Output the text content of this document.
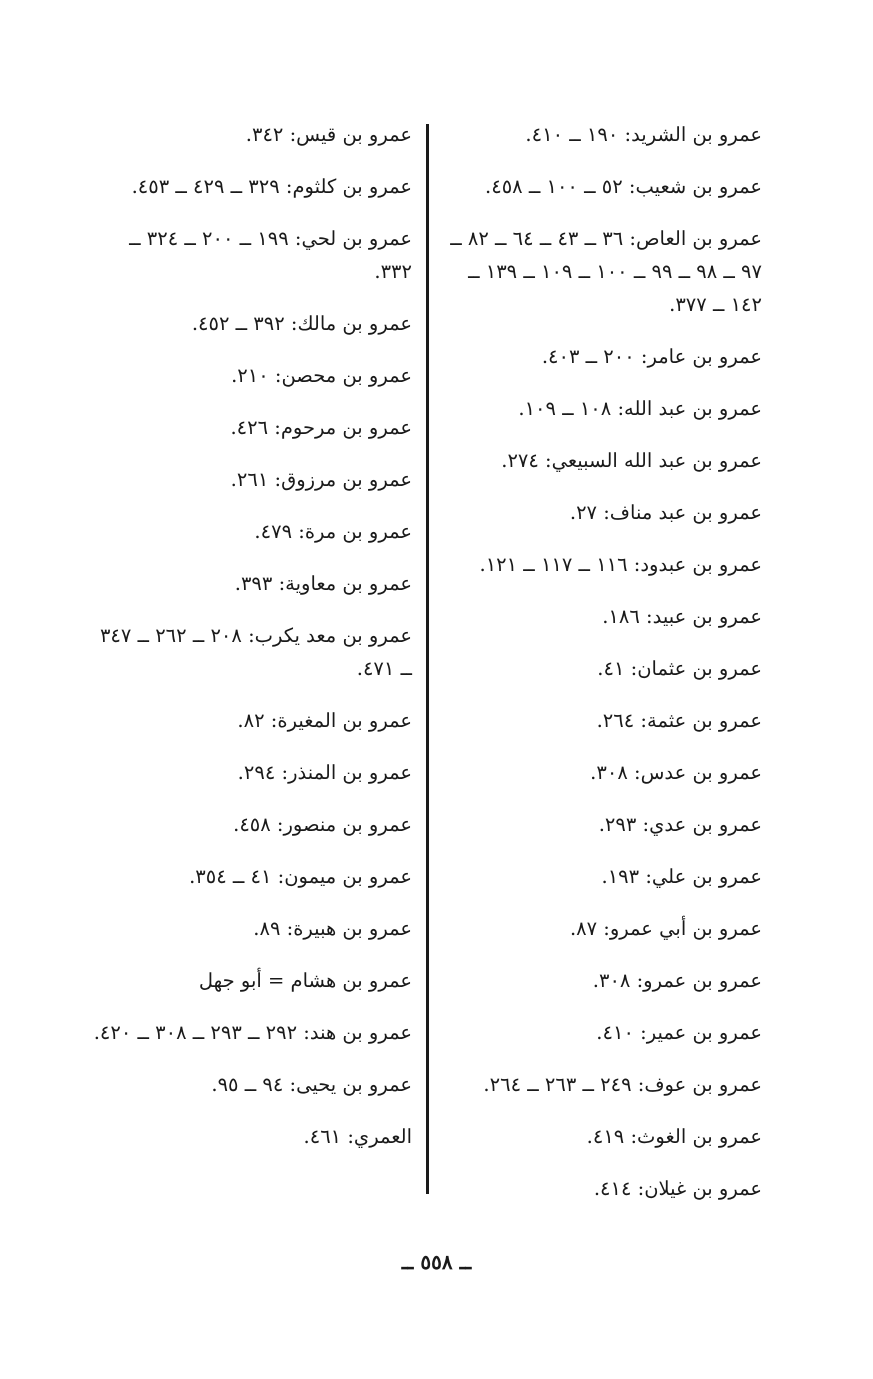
عمرو بن الشريد: ١٩٠ ــ ٤١٠.

عمرو بن شعيب: ٥٢ ــ ١٠٠ ــ ٤٥٨.

عمرو بن العاص: ٣٦ ــ ٤٣ ــ ٦٤ ــ ٨٢ ــ ٩٧ ــ ٩٨ ــ ٩٩ ــ ١٠٠ ــ ١٠٩ ــ ١٣٩ ــ ١٤٢ ــ ٣٧٧.

عمرو بن عامر: ٢٠٠ ــ ٤٠٣.

عمرو بن عبد الله: ١٠٨ ــ ١٠٩.

عمرو بن عبد الله السبيعي: ٢٧٤.

عمرو بن عبد مناف: ٢٧.

عمرو بن عبدود: ١١٦ ــ ١١٧ ــ ١٢١.

عمرو بن عبيد: ١٨٦.

عمرو بن عثمان: ٤١.

عمرو بن عثمة: ٢٦٤.

عمرو بن عدس: ٣٠٨.

عمرو بن عدي: ٢٩٣.

عمرو بن علي: ١٩٣.

عمرو بن أبي عمرو: ٨٧.

عمرو بن عمرو: ٣٠٨.

عمرو بن عمير: ٤١٠.

عمرو بن عوف: ٢٤٩ ــ ٢٦٣ ــ ٢٦٤.

عمرو بن الغوث: ٤١٩.

عمرو بن غيلان: ٤١٤.

عمرو بن قيس: ٣٤٢.

عمرو بن كلثوم: ٣٢٩ ــ ٤٢٩ ــ ٤٥٣.

عمرو بن لحي: ١٩٩ ــ ٢٠٠ ــ ٣٢٤ ــ ٣٣٢.

عمرو بن مالك: ٣٩٢ ــ ٤٥٢.

عمرو بن محصن: ٢١٠.

عمرو بن مرحوم: ٤٢٦.

عمرو بن مرزوق: ٢٦١.

عمرو بن مرة: ٤٧٩.

عمرو بن معاوية: ٣٩٣.

عمرو بن معد يكرب: ٢٠٨ ــ ٢٦٢ ــ ٣٤٧ ــ ٤٧١.

عمرو بن المغيرة: ٨٢.

عمرو بن المنذر: ٢٩٤.

عمرو بن منصور: ٤٥٨.

عمرو بن ميمون: ٤١ ــ ٣٥٤.

عمرو بن هبيرة: ٨٩.

عمرو بن هشام = أبو جهل

عمرو بن هند: ٢٩٢ ــ ٢٩٣ ــ ٣٠٨ ــ ٤٢٠.

عمرو بن يحيى: ٩٤ ــ ٩٥.

العمري: ٤٦١.

ــ ٥٥٨ ــ
